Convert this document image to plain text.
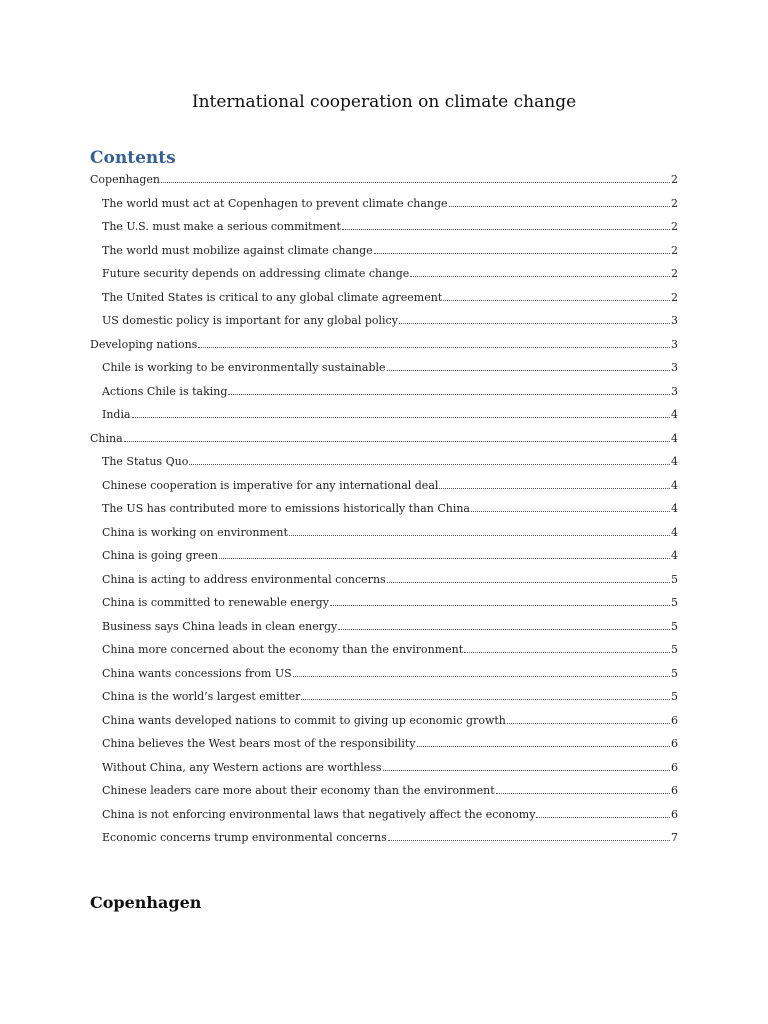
International cooperation on climate change
Contents
Copenhagen	2
The world must act at Copenhagen to prevent climate change	2
The U.S. must make a serious commitment	2
The world must mobilize against climate change	2
Future security depends on addressing climate change	2
The United States is critical to any global climate agreement	2
US domestic policy is important for any global policy	3
Developing nations	3
Chile is working to be environmentally sustainable	3
Actions Chile is taking	3
India	4
China	4
The Status Quo	4
Chinese cooperation is imperative for any international deal	4
The US has contributed more to emissions historically than China	4
China is working on environment	4
China is going green	4
China is acting to address environmental concerns	5
China is committed to renewable energy	5
Business says China leads in clean energy	5
China more concerned about the economy than the environment	5
China wants concessions from US	5
China is the world’s largest emitter	5
China wants developed nations to commit to giving up economic growth	6
China believes the West bears most of the responsibility	6
Without China, any Western actions are worthless	6
Chinese leaders care more about their economy than the environment	6
China is not enforcing environmental laws that negatively affect the economy	6
Economic concerns trump environmental concerns	7
Copenhagen
